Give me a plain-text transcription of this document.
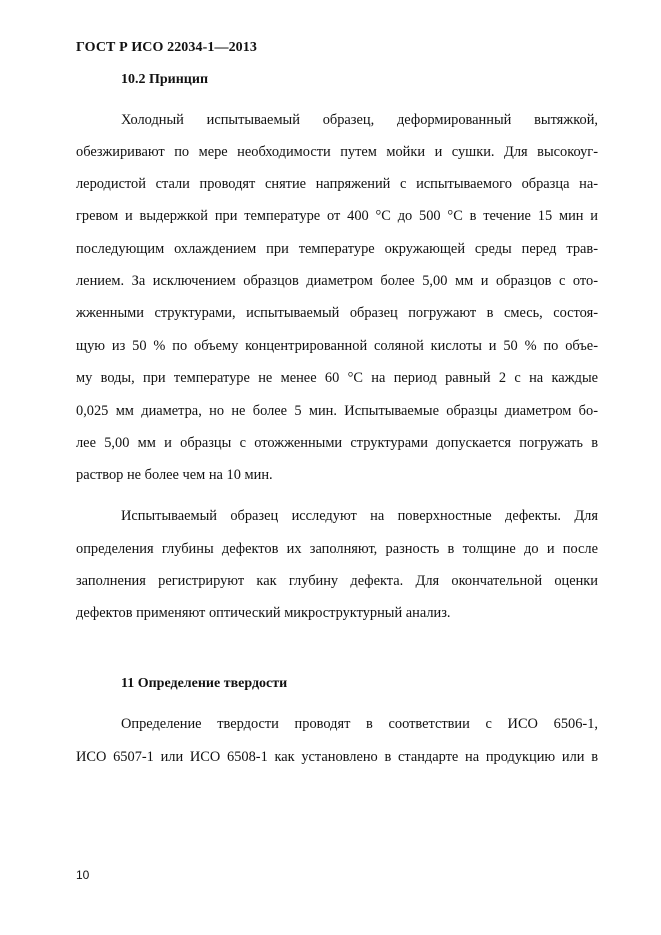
ГОСТ Р ИСО 22034-1—2013
10.2 Принцип
Холодный испытываемый образец, деформированный вытяжкой,
обезжиривают по мере необходимости путем мойки и сушки. Для высокоуг-
леродистой стали проводят снятие напряжений с испытываемого образца на-
гревом и выдержкой при температуре от 400 °С до 500 °С в течение 15 мин и
последующим охлаждением при температуре окружающей среды перед трав-
лением. За исключением образцов диаметром более 5,00 мм и образцов с ото-
жженными структурами, испытываемый образец погружают в смесь, состоя-
щую из 50 % по объему концентрированной соляной кислоты и 50 % по объе-
му воды, при температуре не менее 60 °С на период равный 2 с на каждые
0,025 мм диаметра, но не более 5 мин. Испытываемые образцы диаметром бо-
лее 5,00 мм и образцы с отожженными структурами допускается погружать в
раствор не более чем на 10 мин.
Испытываемый образец исследуют на поверхностные дефекты. Для
определения глубины дефектов их заполняют, разность в толщине до и после
заполнения регистрируют как глубину дефекта. Для окончательной оценки
дефектов применяют оптический микроструктурный анализ.
11 Определение твердости
Определение твердости проводят в соответствии с ИСО 6506-1,
ИСО 6507-1 или ИСО 6508-1 как установлено в стандарте на продукцию или в
10
